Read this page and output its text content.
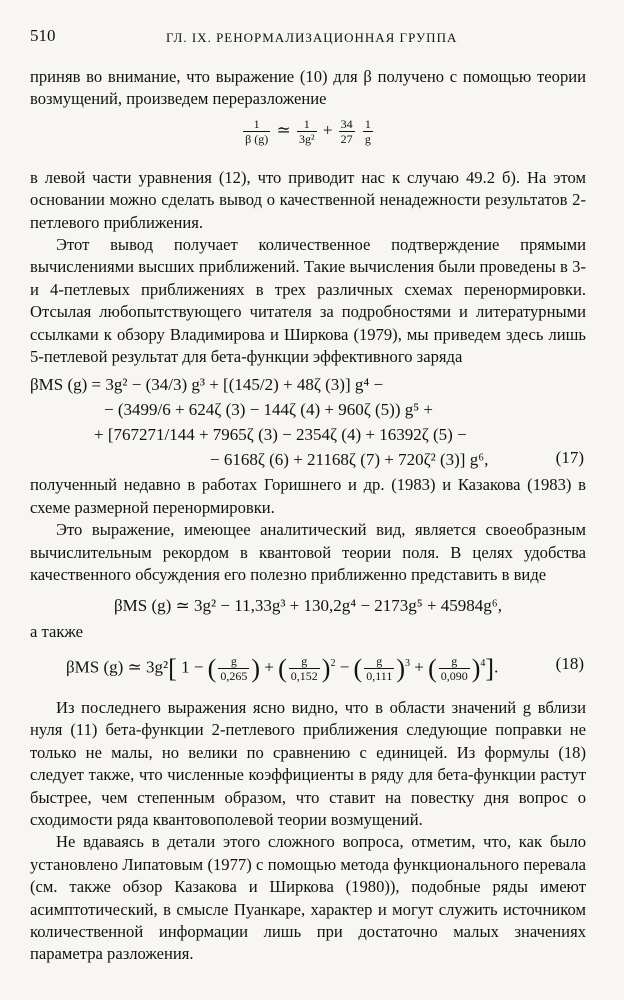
510	ГЛ. IX. РЕНОРМАЛИЗАЦИОННАЯ ГРУППА

приняв во внимание, что выражение (10) для β получено с помощью теории возмущений, произведем переразложение

$\frac{1}{\beta (g)}$ ≃ $\frac{1}{\text{3g²}} + \frac{34}{27}$
$\frac{1}{g}$

в левой части уравнения (12), что приводит нас к случаю 49.2 б). На этом основании можно сделать вывод о качественной ненадежности результатов 2-петлевого приближения.

Этот вывод получает количественное подтверждение прямыми вычислениями высших приближений. Такие вычисления были проведены в 3- и 4-петлевых приближениях в трех различных схемах перенормировки. Отсылая любопытствующего читателя за подробностями и литературными ссылками к обзору Владимирова и Ширкова (1979), мы приведем здесь лишь 5-петлевой результат для бета-функции эффективного заряда

βMS (g) = 3g² − (34/3) g³ + [(145/2) + 48ζ (3)] g⁴ −
− (3499/6 + 624ζ (3) − 144ζ (4) + 960ζ (5)) g⁵ +
+ [767271/144 + 7965ζ (3) − 2354ζ (4) + 16392ζ (5) −
− 6168ζ (6) + 21168ζ (7) + 720ζ² (3)] g⁶,	(17)

полученный недавно в работах Горишнего и др. (1983) и Казакова (1983) в схеме размерной перенормировки.

Это выражение, имеющее аналитический вид, является своеобразным вычислительным рекордом в квантовой теории поля. В целях удобства качественного обсуждения его полезно приближенно представить в виде

βMS (g) ≃ 3g² − 11,33g³ + 130,2g⁴ − 2173g⁵ + 45984g⁶,

а также

βMS (g) ≃ 3g²[ 1 − ( $\frac{g}{0,265}$ ) + ( $\frac{g}{0,152} )^2$ − ( $\frac{g}{0,111} )^3$ + ( $\frac{g}{0,090} )^4$].	(18)

Из последнего выражения ясно видно, что в области значений g вблизи нуля (11) бета-функции 2-петлевого приближения следующие поправки не только не малы, но велики по сравнению с единицей. Из формулы (18) следует также, что численные коэффициенты в ряду для бета-функции растут быстрее, чем степенным образом, что ставит на повестку дня вопрос о сходимости ряда квантовополевой теории возмущений.

Не вдаваясь в детали этого сложного вопроса, отметим, что, как было установлено Липатовым (1977) с помощью метода функционального перевала (см. также обзор Казакова и Ширкова (1980)), подобные ряды имеют асимптотический, в смысле Пуанкаре, характер и могут служить источником количественной информации лишь при достаточно малых значениях параметра разложения.
